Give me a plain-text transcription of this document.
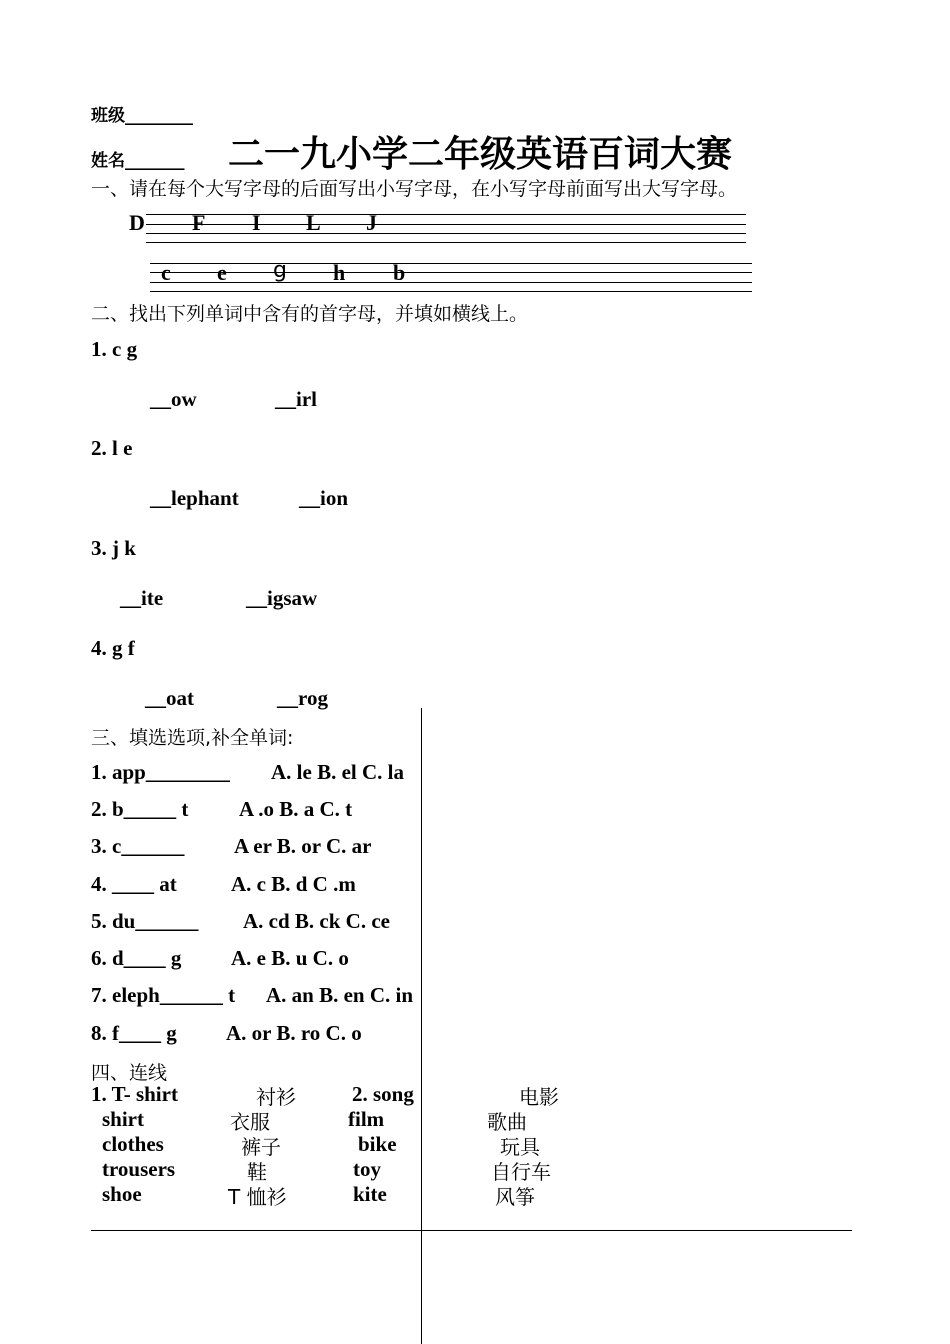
班级________
姓名_______ 二一九小学二年级英语百词大赛
一、请在每个大写字母的后面写出小写字母，在小写字母前面写出大写字母。
D F I L J
c e g h b
二、找出下列单词中含有的首字母，并填如横线上。
1. c g
__ow	__irl
2. l e
__lephant	__ion
3. j k
__ite	__igsaw
4. g f
__oat	__rog
三、填选选项,补全单词:
1. app________ A. le B. el C. la
2. b_____ t A .o B. a C. t
3. c______ A er B. or C. ar
4. ____ at	A. c B. d C .m
5. du______ A. cd B. ck C. ce
6. d____ g A. e B. u C. o
7. eleph______ t A. an B. en C. in
8. f____ g A. or B. ro C. o
四、连线
1. T- shirt
shirt
clothes
trousers
shoe
衬衫
衣服
裤子
鞋
T 恤衫
2. song
film
bike
toy
kite
电影
歌曲
玩具
自行车
风筝
